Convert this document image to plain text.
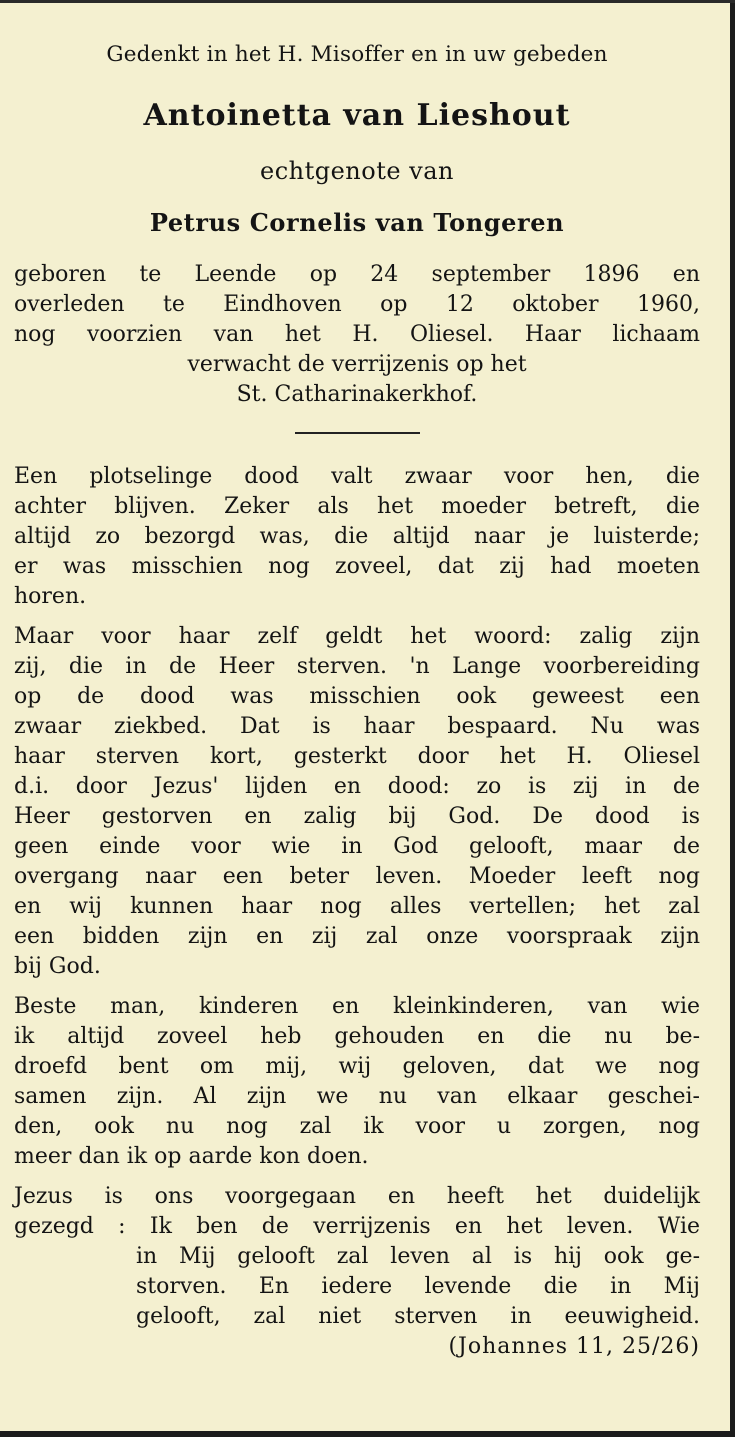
Gedenkt in het H. Misoffer en in uw gebeden
Antoinetta van Lieshout
echtgenote van
Petrus Cornelis van Tongeren
geboren te Leende op 24 september 1896 en
overleden te Eindhoven op 12 oktober 1960,
nog voorzien van het H. Oliesel. Haar lichaam
verwacht de verrijzenis op het
St. Catharinakerkhof.
Een plotselinge dood valt zwaar voor hen, die
achter blijven. Zeker als het moeder betreft, die
altijd zo bezorgd was, die altijd naar je luisterde;
er was misschien nog zoveel, dat zij had moeten
horen.
Maar voor haar zelf geldt het woord: zalig zijn
zij, die in de Heer sterven. 'n Lange voorbereiding
op de dood was misschien ook geweest een
zwaar ziekbed. Dat is haar bespaard. Nu was
haar sterven kort, gesterkt door het H. Oliesel
d.i. door Jezus' lijden en dood: zo is zij in de
Heer gestorven en zalig bij God. De dood is
geen einde voor wie in God gelooft, maar de
overgang naar een beter leven. Moeder leeft nog
en wij kunnen haar nog alles vertellen; het zal
een bidden zijn en zij zal onze voorspraak zijn
bij God.
Beste man, kinderen en kleinkinderen, van wie
ik altijd zoveel heb gehouden en die nu be-
droefd bent om mij, wij geloven, dat we nog
samen zijn. Al zijn we nu van elkaar geschei-
den, ook nu nog zal ik voor u zorgen, nog
meer dan ik op aarde kon doen.
Jezus is ons voorgegaan en heeft het duidelijk
gezegd : Ik ben de verrijzenis en het leven. Wie
in Mij gelooft zal leven al is hij ook ge-
storven. En iedere levende die in Mij
gelooft, zal niet sterven in eeuwigheid.
(Johannes 11, 25/26)
